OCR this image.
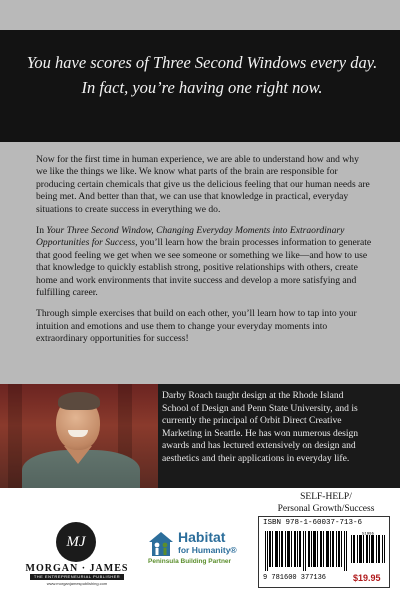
You have scores of Three Second Windows every day.
In fact, you’re having one right now.

Now for the first time in human experience, we are able to understand how and why we like the things we like. We know what parts of the brain are responsible for producing certain chemicals that give us the delicious feeling that our human needs are being met. And better than that, we can use that knowledge in practical, everyday situations to create success in everything we do.

In Your Three Second Window, Changing Everyday Moments into Extraordinary Opportunities for Success, you’ll learn how the brain processes information to generate that good feeling we get when we see someone or something we like—and how to use that knowledge to quickly establish strong, positive relationships with others, create home and work environments that invite success and develop a more satisfying and fulfilling career.

Through simple exercises that build on each other, you’ll learn how to tap into your intuition and emotions and use them to change your everyday moments into extraordinary opportunities for success!

Darby Roach taught design at the Rhode Island School of Design and Penn State University, and is currently the principal of Orbit Direct Creative Marketing in Seattle. He has won numerous design awards and has lectured extensively on design and aesthetics and their applications in everyday life.
MJ
MORGAN · JAMES
THE ENTREPRENEURIAL PUBLISHER
www.morganjamespublishing.com
Habitat
for Humanity®
Peninsula Building Partner
SELF-HELP/
Personal Growth/Success
ISBN 978-1-60037-713-6
51995
9 781600 377136	$19.95
